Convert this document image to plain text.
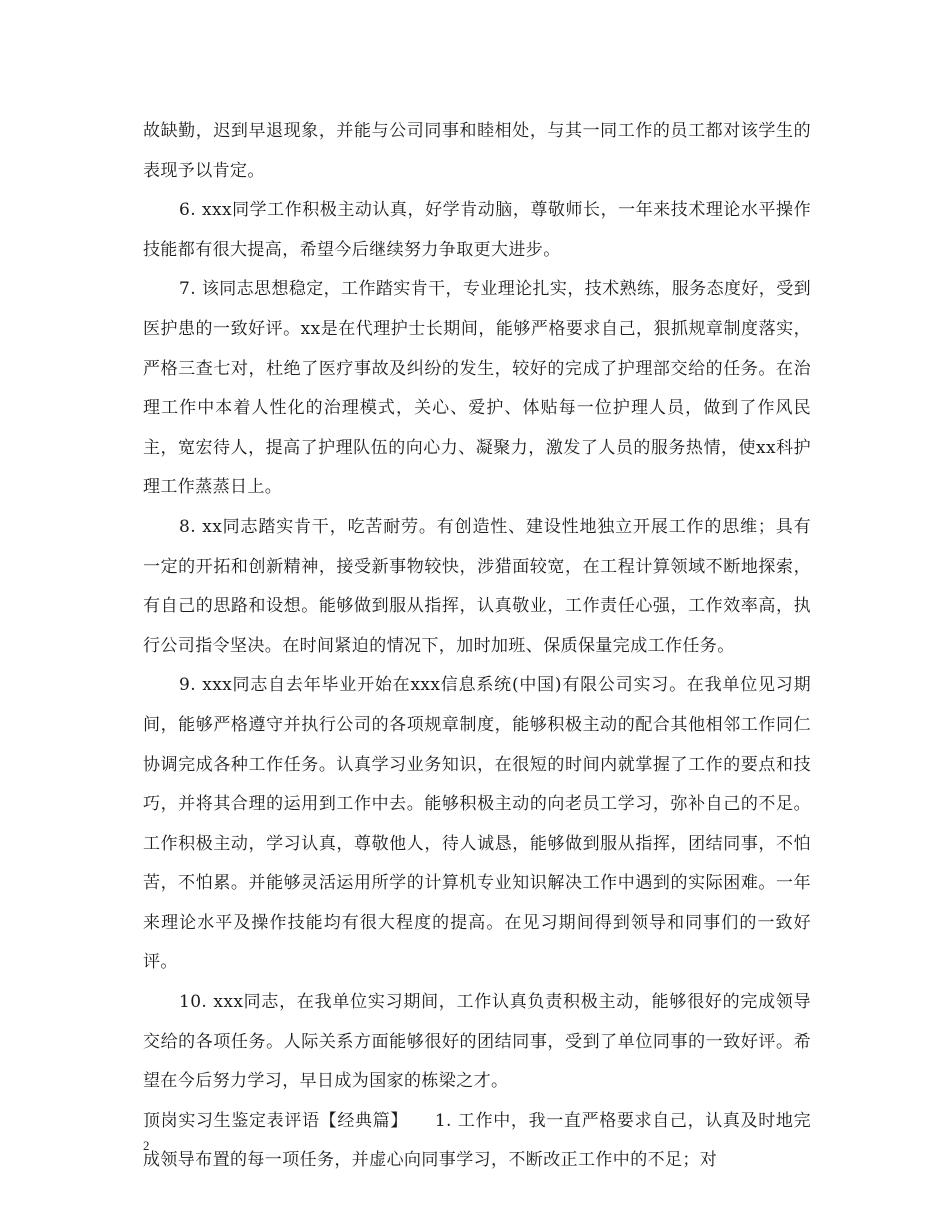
故缺勤，迟到早退现象，并能与公司同事和睦相处，与其一同工作的员工都对该学生的表现予以肯定。

6. xxx同学工作积极主动认真，好学肯动脑，尊敬师长，一年来技术理论水平操作技能都有很大提高，希望今后继续努力争取更大进步。

7. 该同志思想稳定，工作踏实肯干，专业理论扎实，技术熟练，服务态度好，受到医护患的一致好评。xx是在代理护士长期间，能够严格要求自己，狠抓规章制度落实，严格三查七对，杜绝了医疗事故及纠纷的发生，较好的完成了护理部交给的任务。在治理工作中本着人性化的治理模式，关心、爱护、体贴每一位护理人员，做到了作风民主，宽宏待人，提高了护理队伍的向心力、凝聚力，激发了人员的服务热情，使xx科护理工作蒸蒸日上。

8. xx同志踏实肯干，吃苦耐劳。有创造性、建设性地独立开展工作的思维；具有一定的开拓和创新精神，接受新事物较快，涉猎面较宽，在工程计算领域不断地探索，有自己的思路和设想。能够做到服从指挥，认真敬业，工作责任心强，工作效率高，执行公司指令坚决。在时间紧迫的情况下，加时加班、保质保量完成工作任务。

9. xxx同志自去年毕业开始在xxx信息系统(中国)有限公司实习。在我单位见习期间，能够严格遵守并执行公司的各项规章制度，能够积极主动的配合其他相邻工作同仁协调完成各种工作任务。认真学习业务知识，在很短的时间内就掌握了工作的要点和技巧，并将其合理的运用到工作中去。能够积极主动的向老员工学习，弥补自己的不足。工作积极主动，学习认真，尊敬他人，待人诚恳，能够做到服从指挥，团结同事，不怕苦，不怕累。并能够灵活运用所学的计算机专业知识解决工作中遇到的实际困难。一年来理论水平及操作技能均有很大程度的提高。在见习期间得到领导和同事们的一致好评。

10. xxx同志，在我单位实习期间，工作认真负责积极主动，能够很好的完成领导交给的各项任务。人际关系方面能够很好的团结同事，受到了单位同事的一致好评。希望在今后努力学习，早日成为国家的栋梁之才。

顶岗实习生鉴定表评语【经典篇】　　1. 工作中，我一直严格要求自己，认真及时地完成领导布置的每一项任务，并虚心向同事学习，不断改正工作中的不足；对

2
